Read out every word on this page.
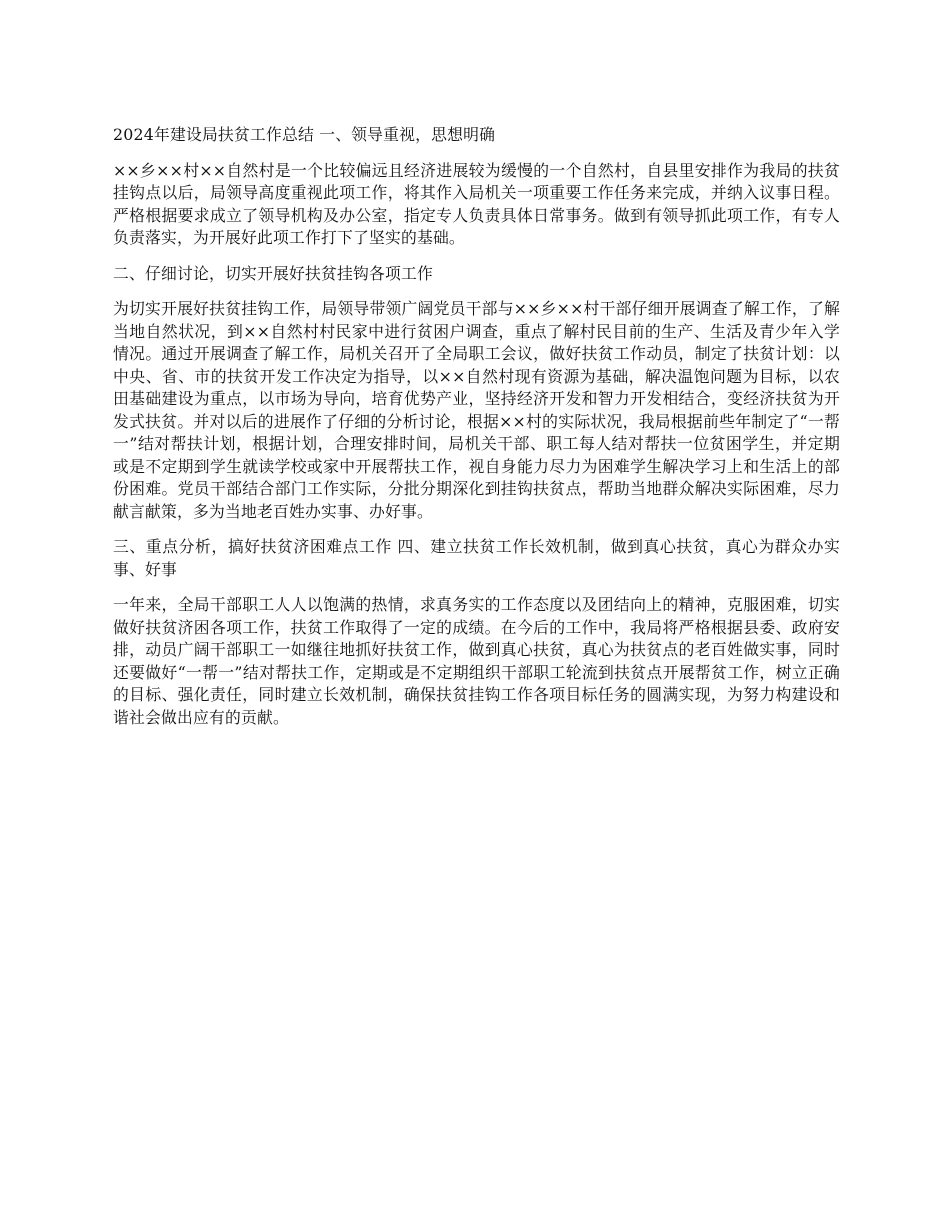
2024年建设局扶贫工作总结 一、领导重视，思想明确

××乡××村××自然村是一个比较偏远且经济进展较为缓慢的一个自然村，自县里安排作为我局的扶贫挂钩点以后，局领导高度重视此项工作，将其作入局机关一项重要工作任务来完成，并纳入议事日程。严格根据要求成立了领导机构及办公室，指定专人负责具体日常事务。做到有领导抓此项工作，有专人负责落实，为开展好此项工作打下了坚实的基础。

二、仔细讨论，切实开展好扶贫挂钩各项工作

为切实开展好扶贫挂钩工作，局领导带领广阔党员干部与××乡××村干部仔细开展调查了解工作，了解当地自然状况，到××自然村村民家中进行贫困户调查，重点了解村民目前的生产、生活及青少年入学情况。通过开展调查了解工作，局机关召开了全局职工会议，做好扶贫工作动员，制定了扶贫计划：以中央、省、市的扶贫开发工作决定为指导，以××自然村现有资源为基础，解决温饱问题为目标，以农田基础建设为重点，以市场为导向，培育优势产业，坚持经济开发和智力开发相结合，变经济扶贫为开发式扶贫。并对以后的进展作了仔细的分析讨论，根据××村的实际状况，我局根据前些年制定了“一帮一”结对帮扶计划，根据计划，合理安排时间，局机关干部、职工每人结对帮扶一位贫困学生，并定期或是不定期到学生就读学校或家中开展帮扶工作，视自身能力尽力为困难学生解决学习上和生活上的部份困难。党员干部结合部门工作实际，分批分期深化到挂钩扶贫点，帮助当地群众解决实际困难，尽力献言献策，多为当地老百姓办实事、办好事。

三、重点分析，搞好扶贫济困难点工作 四、建立扶贫工作长效机制，做到真心扶贫，真心为群众办实事、好事

一年来，全局干部职工人人以饱满的热情，求真务实的工作态度以及团结向上的精神，克服困难，切实做好扶贫济困各项工作，扶贫工作取得了一定的成绩。在今后的工作中，我局将严格根据县委、政府安排，动员广阔干部职工一如继往地抓好扶贫工作，做到真心扶贫，真心为扶贫点的老百姓做实事，同时还要做好“一帮一”结对帮扶工作，定期或是不定期组织干部职工轮流到扶贫点开展帮贫工作，树立正确的目标、强化责任，同时建立长效机制，确保扶贫挂钩工作各项目标任务的圆满实现，为努力构建设和谐社会做出应有的贡献。
